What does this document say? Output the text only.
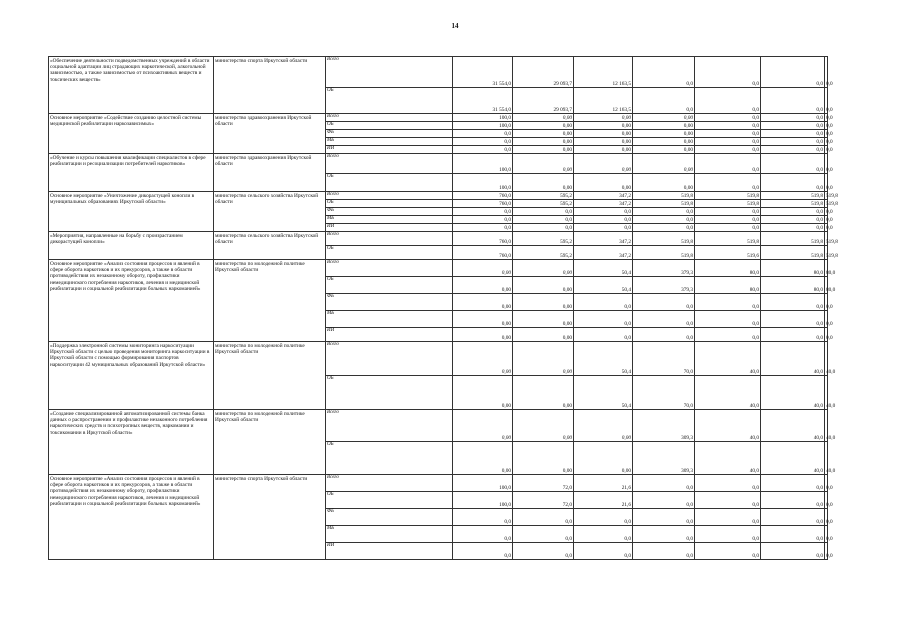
14
«Обеспечение деятельности подведомственных учреждений в области социальной адаптации лиц страдающих наркотической, алкогольной зависимостью, а также зависимостью от психоактивных веществ и токсических веществ»	министерство спорта Иркутской области	Всего	31 554,0	29 093,7	12 163,5	0,0	0,0	0,0	0,0	
		ОБ	31 554,0	29 093,7	12 163,5	0,0	0,0	0,0	0,0	
Основное мероприятие «Содействие созданию целостной системы медицинской реабилитации наркозависимых»	министерство здравоохранения Иркутской области	Всего	100,0	0,00	0,00	0,00	0,0	0,0	0,0	
		ОБ	100,0	0,00	0,00	0,00	0,0	0,0	0,0	
		ФБ	0,0	0,00	0,00	0,00	0,0	0,0	0,0	
		МБ	0,0	0,00	0,00	0,00	0,0	0,0	0,0	
		ИИ	0,0	0,00	0,00	0,00	0,0	0,0	0,0	
«Обучение и курсы повышения квалификации специалистов в сфере реабилитации и ресоциализации потребителей наркотиков»	министерство здравоохранения Иркутской области	Всего	100,0	0,00	0,00	0,00	0,0	0,0	0,0	
		ОБ	100,0	0,00	0,00	0,00	0,0	0,0	0,0	
Основное мероприятие «Уничтожение дикорастущей конопли в муниципальных образованиях Иркутской области»	министерство сельского хозяйства Иркутской области	Всего	760,0	595,2	347,2	519,8	519,8	519,8	519,8	
		ОБ	760,0	595,2	347,2	519,8	519,8	519,8	519,8	
		ФБ	0,0	0,0	0,0	0,0	0,0	0,0	0,0	
		МБ	0,0	0,0	0,0	0,0	0,0	0,0	0,0	
		ИИ	0,0	0,0	0,0	0,0	0,0	0,0	0,0	
«Мероприятия, направленные на борьбу с произрастанием дикорастущей конопли»	министерство сельского хозяйства Иркутской области	Всего	760,0	595,2	347,2	519,8	519,8	519,8	519,8	
		ОБ	760,0	595,2	347,2	519,8	519,6	519,8	519,8	
Основное мероприятие «Анализ состояния процессов и явлений в сфере оборота наркотиков и их прекурсоров, а также в области противодействия их незаконному обороту, профилактики немедицинского потребления наркотиков, лечения и медицинской реабилитации и социальной реабилитации больных наркоманией»	министерство по молодежной политике Иркутской области	Всего	0,00	0,00	50,4	379,3	80,0	80,0	80,0	
		ОБ	0,00	0,00	50,4	379,3	80,0	80,0	80,0	
		ФБ	0,00	0,00	0,0	0,0	0,0	0,0	0,0	
		МБ	0,00	0,00	0,0	0,0	0,0	0,0	0,0	
		ИИ	0,00	0,00	0,0	0,0	0,0	0,0	0,0	
«Поддержка электронной системы мониторинга наркоситуации Иркутской области с целью проведения мониторинга наркоситуации в Иркутской области с помощью формирования паспортов наркоситуации 42 муниципальных образований Иркутской области»	министерство по молодежной политике Иркутской области	Всего	0,00	0,00	50,4	70,0	40,0	40,0	40,0	
		ОБ	0,00	0,00	50,4	70,0	40,0	40,0	40,0	
«Создание специализированной автоматизированной системы банка данных о распространении и профилактике незаконного потребления наркотических средств и психотропных веществ, наркомании и токсикомании в Иркутской области»	министерство по молодежной политике Иркутской области	Всего	0,00	0,00	0,00	309,3	40,0	40,0	40,0	
		ОБ	0,00	0,00	0,00	309,3	40,0	40,0	40,0	
Основное мероприятие «Анализ состояния процессов и явлений в сфере оборота наркотиков и их прекурсоров, а также в области противодействия их незаконному обороту, профилактики немедицинского потребления наркотиков, лечения и медицинской реабилитации и социальной реабилитации больных наркоманией»	министерство спорта Иркутской области	Всего	100,0	72,0	21,6	0,0	0,0	0,0	0,0	
		ОБ	100,0	72,0	21,6	0,0	0,0	0,0	0,0	
		ФБ	0,0	0,0	0,0	0,0	0,0	0,0	0,0	
		МБ	0,0	0,0	0,0	0,0	0,0	0,0	0,0	
		ИИ	0,0	0,0	0,0	0,0	0,0	0,0	0,0	
